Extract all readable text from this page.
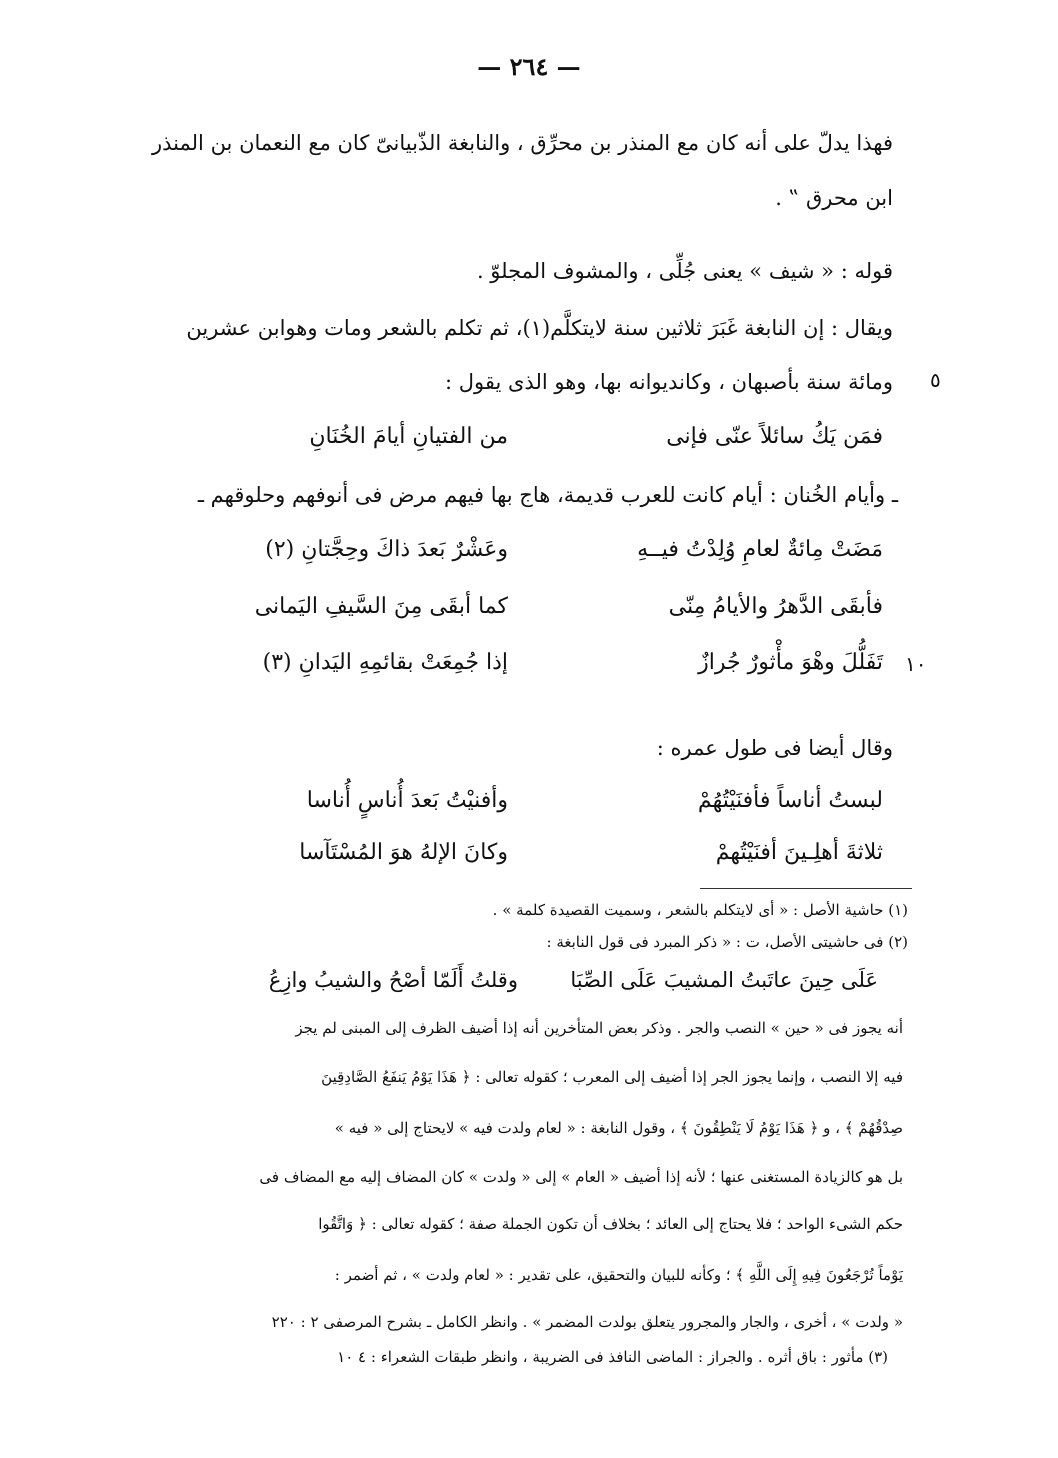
— ٢٦٤ —
فهذا يدلّ على أنه كان مع المنذر بن محرِّق ، والنابغة الذّبيانىّ كان مع النعمان بن المنذر
ابن محرق ‟ .
قوله : « شيف » يعنى جُلِّى ، والمشوف المجلوّ .
ويقال : إن النابغة غَبَرَ ثلاثين سنة لايتكلَّم(١)، ثم تكلم بالشعر ومات وهوابن عشرين
٥
ومائة سنة بأصبهان ، وكانديوانه بها، وهو الذى يقول :
فمَن يَكُ سائلاً عنّى فإنى
من الفتيانِ أيامَ الخُنَانِ
ـ وأيام الخُنان : أيام كانت للعرب قديمة، هاج بها فيهم مرض فى أنوفهم وحلوقهم ـ
مَضَتْ مِائةٌ لعامِ وُلِدْتُ فيــهِ
وعَشْرٌ بَعدَ ذاكَ وحِجَّتانِ (٢)
فأبقَى الدَّهرُ والأيامُ مِنّى
كما أبقَى مِنَ السَّيفِ اليَمانى
١٠
تَفَلُّلَ وهْوَ مأْثورٌ جُرازٌ
إذا جُمِعَتْ بقائمِهِ اليَدانِ (٣)
وقال أيضا فى طول عمره :
لبستُ أناساً فأفنَيْتُهُمْ
وأفنيْتُ بَعدَ أُناسٍ أُناسا
ثلاثةَ أهلِـينَ أفنَيْتُهمْ
وكانَ الإلهُ هوَ المُسْتَآسا
(١) حاشية الأصل : « أى لايتكلم بالشعر ، وسميت القصيدة كلمة » .
(٢) فى حاشيتى الأصل، ت : « ذكر المبرد فى قول النابغة :
عَلَى حِينَ عاتَبتُ المشيبَ عَلَى الصِّبَا
وقلتُ أَلَمّا أصْحُ والشيبُ وازِعُ
أنه يجوز فى « حين » النصب والجر . وذكر بعض المتأخرين أنه إذا أضيف الظرف إلى المبنى لم يجز
فيه إلا النصب ، وإنما يجوز الجر إذا أضيف إلى المعرب ؛ كقوله تعالى : ﴿ هَذَا يَوْمُ يَنفَعُ الصَّادِقِينَ
صِدْقُهُمْ ﴾ ، و ﴿ هَذَا يَوْمُ لَا يَنْطِقُونَ ﴾ ، وقول النابغة : « لعام ولدت فيه » لايحتاج إلى « فيه »
بل هو كالزيادة المستغنى عنها ؛ لأنه إذا أضيف « العام » إلى « ولدت » كان المضاف إليه مع المضاف فى
حكم الشىء الواحد ؛ فلا يحتاج إلى العائد ؛ بخلاف أن تكون الجملة صفة ؛ كقوله تعالى : ﴿ وَاتَّقُوا
يَوْماً تُرْجَعُونَ فِيهِ إِلَى اللَّهِ ﴾ ؛ وكأنه للبيان والتحقيق، على تقدير : « لعام ولدت » ، ثم أضمر :
« ولدت » ، أخرى ، والجار والمجرور يتعلق بولدت المضمر » . وانظر الكامل ـ بشرح المرصفى ٢ : ٢٢٠
(٣) مأثور : باق أثره . والجراز : الماضى النافذ فى الضريبة ، وانظر طبقات الشعراء : ٤ ١٠
